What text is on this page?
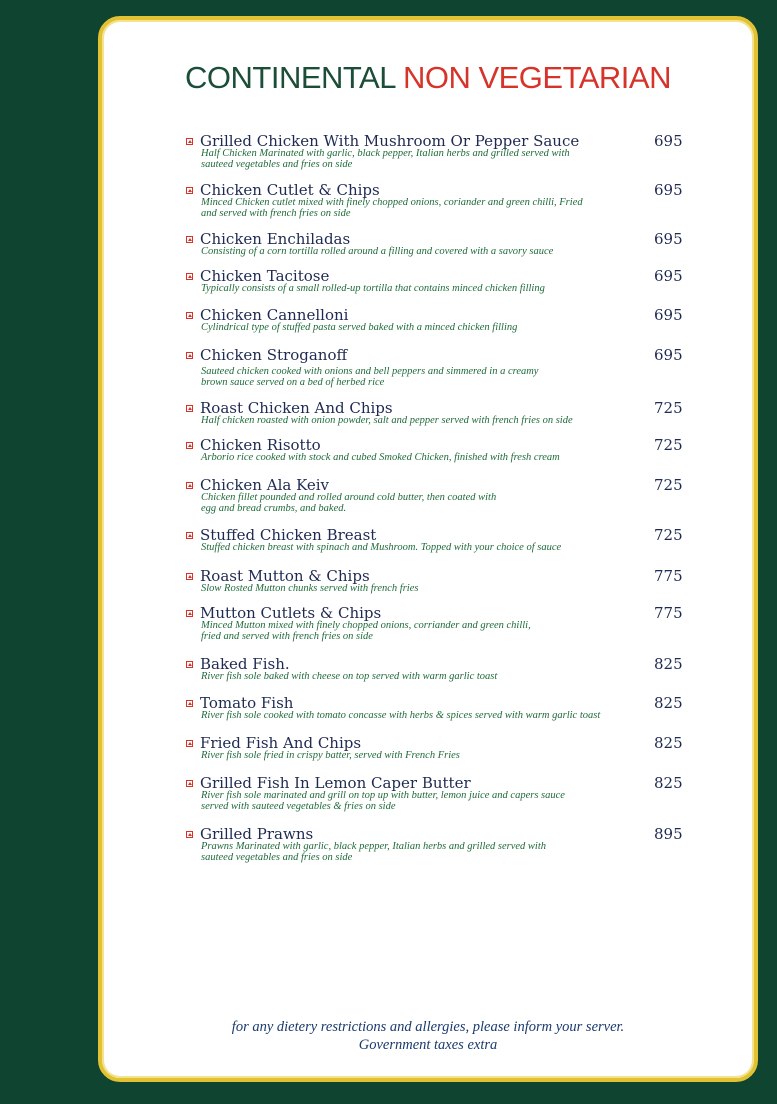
CONTINENTAL NON VEGETARIAN
for any dietery restrictions and allergies, please inform your server.
Government taxes extra
Grilled Chicken With Mushroom Or Pepper Sauce	695
Half Chicken Marinated with garlic, black pepper, Italian herbs and grilled served with
sauteed vegetables and fries on side
Chicken Cutlet & Chips	695
Minced Chicken cutlet mixed with finely chopped onions, coriander and green chilli, Fried
and served with french fries on side
Chicken Enchiladas	695
Consisting of a corn tortilla rolled around a filling and covered with a savory sauce
Chicken Tacitose	695
Typically consists of a small rolled-up tortilla that contains minced chicken filling
Chicken Cannelloni	695
Cylindrical type of stuffed pasta served baked with a minced chicken filling
Chicken Stroganoff	695
Sauteed chicken cooked with onions and bell peppers and simmered in a creamy
brown sauce served on a bed of herbed rice
Roast Chicken And Chips	725
Half chicken roasted with onion powder, salt and pepper served with french fries on side
Chicken Risotto	725
Arborio rice cooked with stock and cubed Smoked Chicken, finished with fresh cream
Chicken Ala Keiv	725
Chicken fillet pounded and rolled around cold butter, then coated with
egg and bread crumbs, and baked.
Stuffed Chicken Breast	725
Stuffed chicken breast with spinach and Mushroom. Topped with your choice of sauce
Roast Mutton & Chips	775
Slow Rosted Mutton chunks served with french fries
Mutton Cutlets & Chips	775
Minced Mutton mixed with finely chopped onions, corriander and green chilli,
fried and served with french fries on side
Baked Fish.	825
River fish sole baked with cheese on top served with warm garlic toast
Tomato Fish	825
River fish sole cooked with tomato concasse with herbs & spices served with warm garlic toast
Fried Fish And Chips	825
River fish sole fried in crispy batter, served with French Fries
Grilled Fish In Lemon Caper Butter	825
River fish sole marinated and grill on top up with butter, lemon juice and capers sauce
served with sauteed vegetables & fries on side
Grilled Prawns	895
Prawns Marinated with garlic, black pepper, Italian herbs and grilled served with
sauteed vegetables and fries on side
